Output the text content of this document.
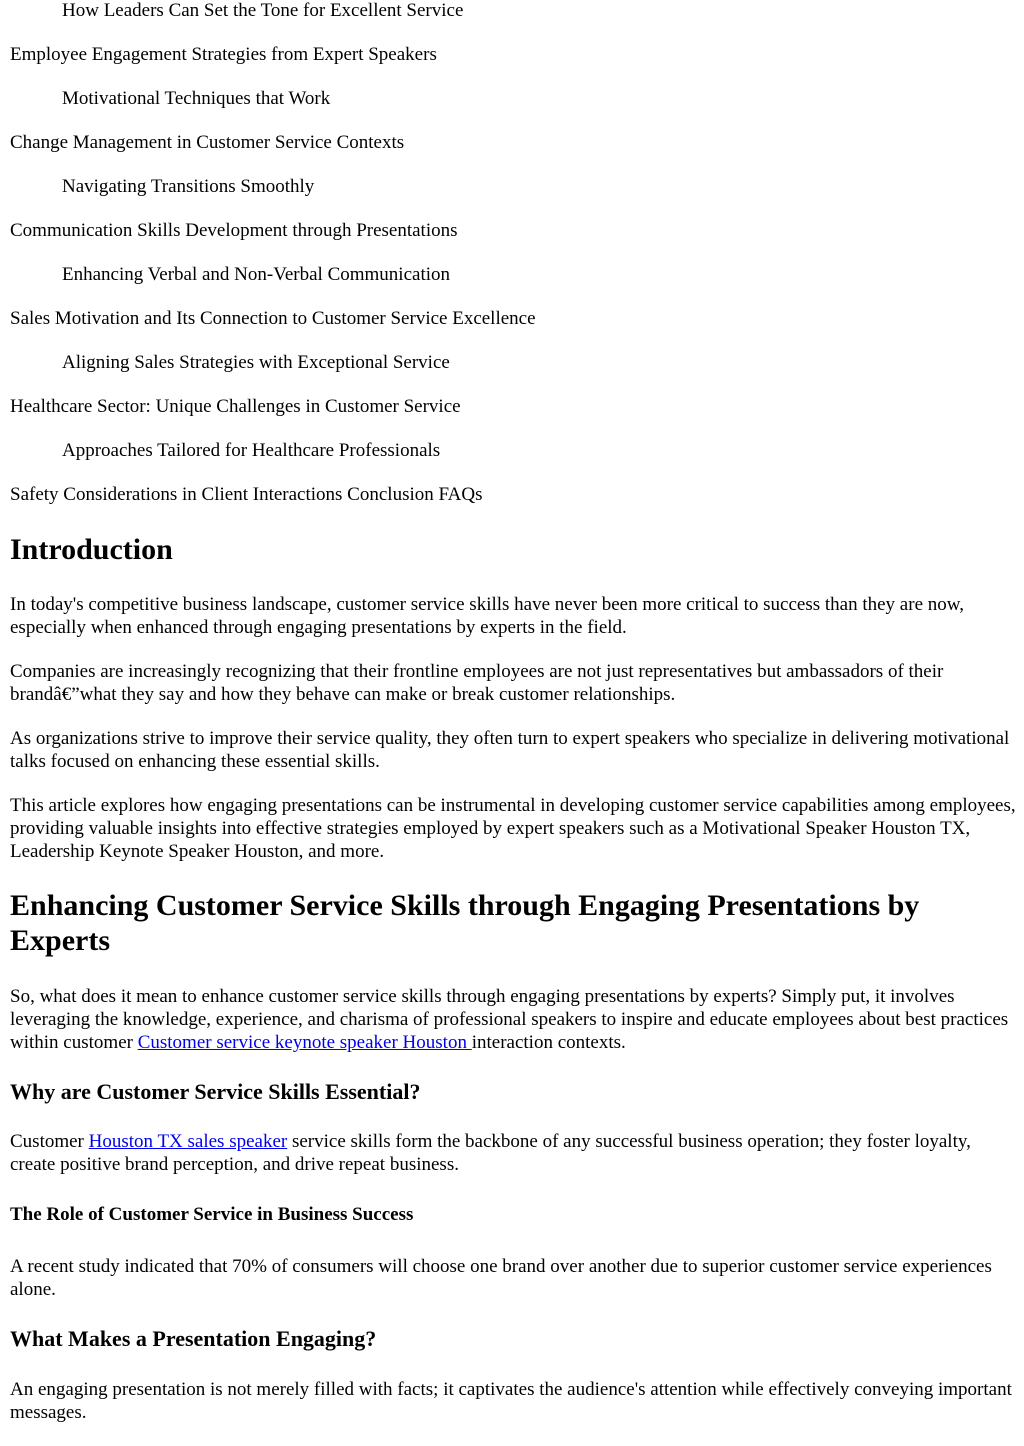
How Leaders Can Set the Tone for Excellent Service
Employee Engagement Strategies from Expert Speakers
Motivational Techniques that Work
Change Management in Customer Service Contexts
Navigating Transitions Smoothly
Communication Skills Development through Presentations
Enhancing Verbal and Non-Verbal Communication
Sales Motivation and Its Connection to Customer Service Excellence
Aligning Sales Strategies with Exceptional Service
Healthcare Sector: Unique Challenges in Customer Service
Approaches Tailored for Healthcare Professionals
Safety Considerations in Client Interactions Conclusion FAQs
Introduction

In today's competitive business landscape, customer service skills have never been more critical to success than they are now, especially when enhanced through engaging presentations by experts in the field.

Companies are increasingly recognizing that their frontline employees are not just representatives but ambassadors of their brandâ€”what they say and how they behave can make or break customer relationships.

As organizations strive to improve their service quality, they often turn to expert speakers who specialize in delivering motivational talks focused on enhancing these essential skills.

This article explores how engaging presentations can be instrumental in developing customer service capabilities among employees, providing valuable insights into effective strategies employed by expert speakers such as a Motivational Speaker Houston TX, Leadership Keynote Speaker Houston, and more.

Enhancing Customer Service Skills through Engaging Presentations by Experts

So, what does it mean to enhance customer service skills through engaging presentations by experts? Simply put, it involves leveraging the knowledge, experience, and charisma of professional speakers to inspire and educate employees about best practices within customer Customer service keynote speaker Houston interaction contexts.

Why are Customer Service Skills Essential?

Customer Houston TX sales speaker service skills form the backbone of any successful business operation; they foster loyalty, create positive brand perception, and drive repeat business.

The Role of Customer Service in Business Success

A recent study indicated that 70% of consumers will choose one brand over another due to superior customer service experiences alone.

What Makes a Presentation Engaging?

An engaging presentation is not merely filled with facts; it captivates the audience's attention while effectively conveying important messages.
